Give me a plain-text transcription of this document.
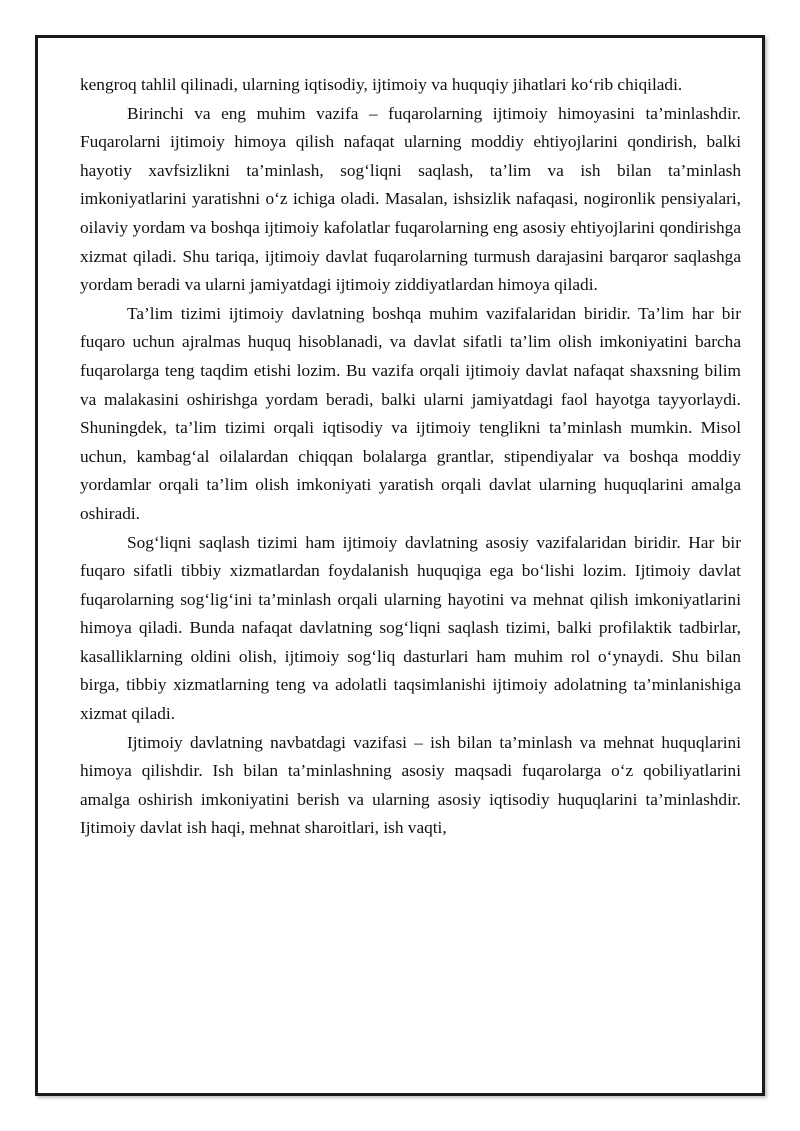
kengroq tahlil qilinadi, ularning iqtisodiy, ijtimoiy va huquqiy jihatlari ko‘rib chiqiladi.

Birinchi va eng muhim vazifa – fuqarolarning ijtimoiy himoyasini ta’minlashdir. Fuqarolarni ijtimoiy himoya qilish nafaqat ularning moddiy ehtiyojlarini qondirish, balki hayotiy xavfsizlikni ta’minlash, sog‘liqni saqlash, ta’lim va ish bilan ta’minlash imkoniyatlarini yaratishni o‘z ichiga oladi. Masalan, ishsizlik nafaqasi, nogironlik pensiyalari, oilaviy yordam va boshqa ijtimoiy kafolatlar fuqarolarning eng asosiy ehtiyojlarini qondirishga xizmat qiladi. Shu tariqa, ijtimoiy davlat fuqarolarning turmush darajasini barqaror saqlashga yordam beradi va ularni jamiyatdagi ijtimoiy ziddiyatlardan himoya qiladi.

Ta’lim tizimi ijtimoiy davlatning boshqa muhim vazifalaridan biridir. Ta’lim har bir fuqaro uchun ajralmas huquq hisoblanadi, va davlat sifatli ta’lim olish imkoniyatini barcha fuqarolarga teng taqdim etishi lozim. Bu vazifa orqali ijtimoiy davlat nafaqat shaxsning bilim va malakasini oshirishga yordam beradi, balki ularni jamiyatdagi faol hayotga tayyorlaydi. Shuningdek, ta’lim tizimi orqali iqtisodiy va ijtimoiy tenglikni ta’minlash mumkin. Misol uchun, kambag‘al oilalardan chiqqan bolalarga grantlar, stipendiyalar va boshqa moddiy yordamlar orqali ta’lim olish imkoniyati yaratish orqali davlat ularning huquqlarini amalga oshiradi.

Sog‘liqni saqlash tizimi ham ijtimoiy davlatning asosiy vazifalaridan biridir. Har bir fuqaro sifatli tibbiy xizmatlardan foydalanish huquqiga ega bo‘lishi lozim. Ijtimoiy davlat fuqarolarning sog‘lig‘ini ta’minlash orqali ularning hayotini va mehnat qilish imkoniyatlarini himoya qiladi. Bunda nafaqat davlatning sog‘liqni saqlash tizimi, balki profilaktik tadbirlar, kasalliklarning oldini olish, ijtimoiy sog‘liq dasturlari ham muhim rol o‘ynaydi. Shu bilan birga, tibbiy xizmatlarning teng va adolatli taqsimlanishi ijtimoiy adolatning ta’minlanishiga xizmat qiladi.

Ijtimoiy davlatning navbatdagi vazifasi – ish bilan ta’minlash va mehnat huquqlarini himoya qilishdir. Ish bilan ta’minlashning asosiy maqsadi fuqarolarga o‘z qobiliyatlarini amalga oshirish imkoniyatini berish va ularning asosiy iqtisodiy huquqlarini ta’minlashdir. Ijtimoiy davlat ish haqi, mehnat sharoitlari, ish vaqti,
